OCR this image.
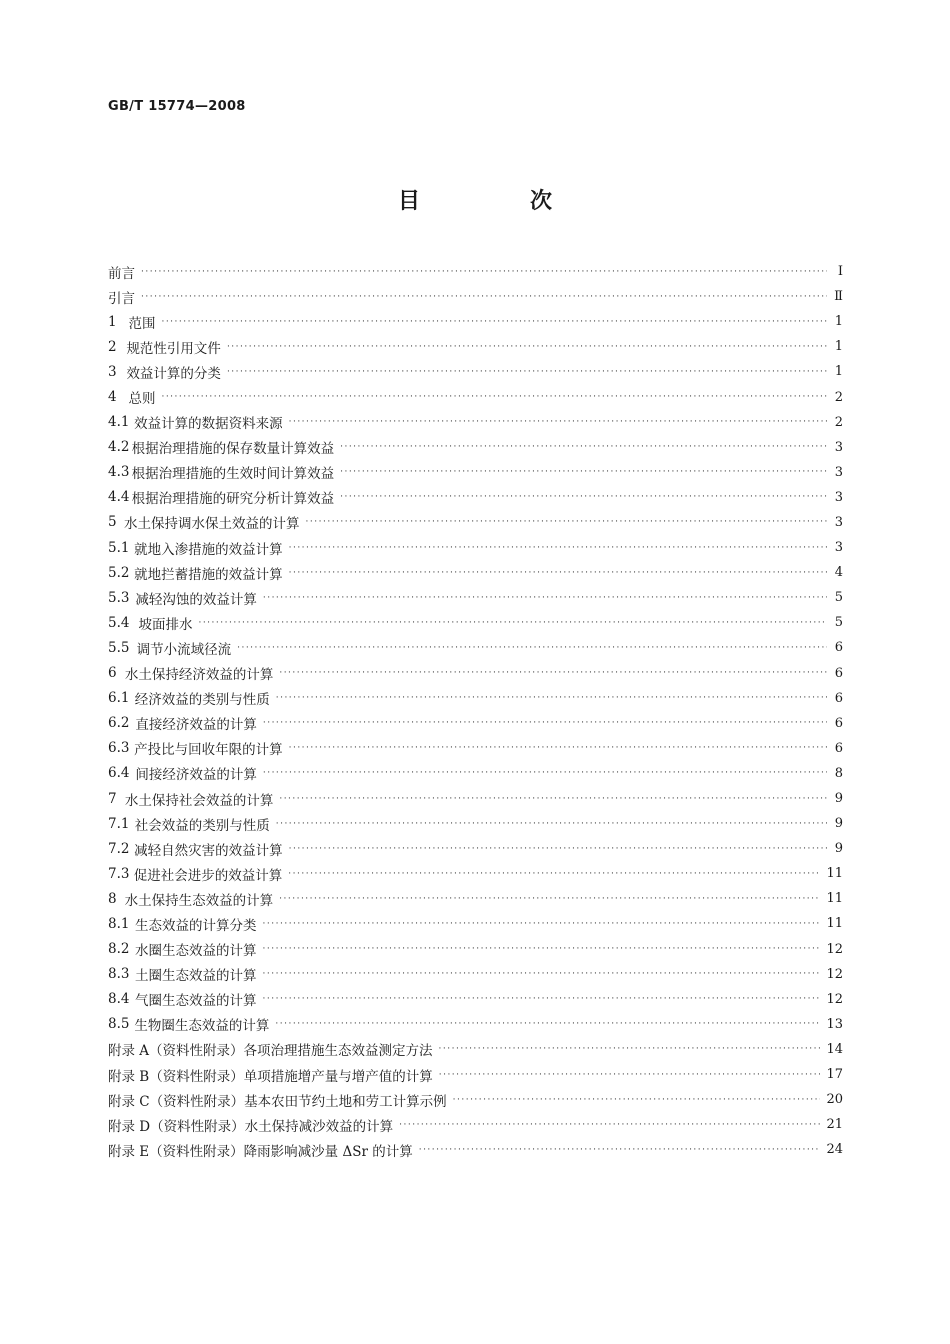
GB/T 15774—2008
目　次
前言 ·····	Ⅰ
引言 ·····	Ⅱ
1 范围 ·····	1
2 规范性引用文件 ·····	1
3 效益计算的分类 ·····	1
4 总则 ·····	2
4.1 效益计算的数据资料来源 ·····	2
4.2 根据治理措施的保存数量计算效益 ·····	3
4.3 根据治理措施的生效时间计算效益 ·····	3
4.4 根据治理措施的研究分析计算效益 ·····	3
5 水土保持调水保土效益的计算 ·····	3
5.1 就地入渗措施的效益计算 ·····	3
5.2 就地拦蓄措施的效益计算 ·····	4
5.3 减轻沟蚀的效益计算 ·····	5
5.4 坡面排水 ·····	5
5.5 调节小流域径流 ·····	6
6 水土保持经济效益的计算 ·····	6
6.1 经济效益的类别与性质 ·····	6
6.2 直接经济效益的计算 ·····	6
6.3 产投比与回收年限的计算 ·····	6
6.4 间接经济效益的计算 ·····	8
7 水土保持社会效益的计算 ·····	9
7.1 社会效益的类别与性质 ·····	9
7.2 减轻自然灾害的效益计算 ·····	9
7.3 促进社会进步的效益计算 ·····	11
8 水土保持生态效益的计算 ·····	11
8.1 生态效益的计算分类 ·····	11
8.2 水圈生态效益的计算 ·····	12
8.3 土圈生态效益的计算 ·····	12
8.4 气圈生态效益的计算 ·····	12
8.5 生物圈生态效益的计算 ·····	13
附录 A（资料性附录） 各项治理措施生态效益测定方法 ·····	14
附录 B（资料性附录） 单项措施增产量与增产值的计算 ·····	17
附录 C（资料性附录） 基本农田节约土地和劳工计算示例 ·····	20
附录 D（资料性附录） 水土保持减沙效益的计算 ·····	21
附录 E（资料性附录） 降雨影响减沙量 ΔSr 的计算 ·····	24
